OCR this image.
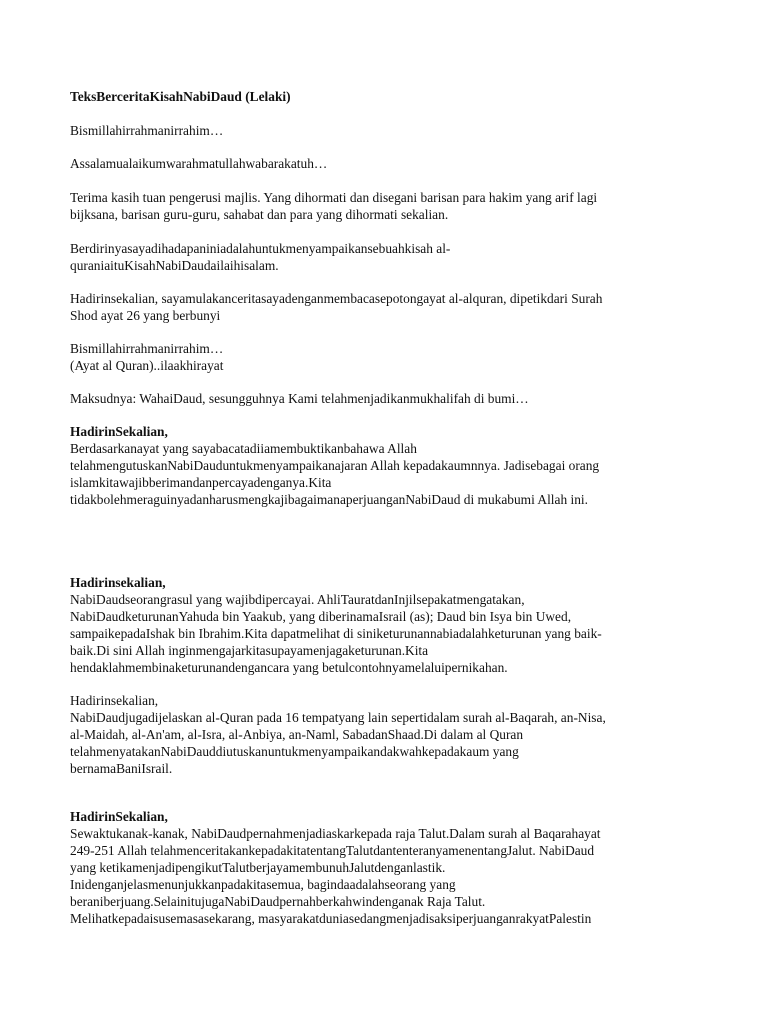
TeksBerceritaKisahNabiDaud (Lelaki)

Bismillahirrahmanirrahim…

Assalamualaikumwarahmatullahwabarakatuh…

Terima kasih tuan pengerusi majlis. Yang dihormati dan disegani barisan para hakim yang arif lagi

bijksana, barisan guru-guru, sahabat dan para yang dihormati sekalian.

Berdirinyasayadihadapaniniadalahuntukmenyampaikansebuahkisah al-

quraniaituKisahNabiDaudailaihisalam.

Hadirinsekalian, sayamulakanceritasayadenganmembacasepotongayat al-alquran, dipetikdari Surah

Shod ayat 26 yang berbunyi

Bismillahirrahmanirrahim…

(Ayat al Quran)..ilaakhirayat

Maksudnya: WahaiDaud, sesungguhnya Kami telahmenjadikanmukhalifah di bumi…

HadirinSekalian,

Berdasarkanayat yang sayabacatadiiamembuktikanbahawa Allah

telahmengutuskanNabiDauduntukmenyampaikanajaran Allah kepadakaumnnya. Jadisebagai orang

islamkitawajibberimandanpercayadenganya.Kita

tidakbolehmeraguinyadanharusmengkajibagaimanaperjuanganNabiDaud di mukabumi Allah ini.

Hadirinsekalian,

NabiDaudseorangrasul yang wajibdipercayai. AhliTauratdanInjilsepakatmengatakan,

NabiDaudketurunanYahuda bin Yaakub, yang diberinamaIsrail (as); Daud bin Isya bin Uwed,

sampaikepadaIshak bin Ibrahim.Kita dapatmelihat di siniketurunannabiadalahketurunan yang baik-

baik.Di sini Allah inginmengajarkitasupayamenjagaketurunan.Kita

hendaklahmembinaketurunandengancara yang betulcontohnyamelaluipernikahan.

Hadirinsekalian,

NabiDaudjugadijelaskan al-Quran pada 16 tempatyang lain sepertidalam surah al-Baqarah, an-Nisa,

al-Maidah, al-An'am, al-Isra, al-Anbiya, an-Naml, SabadanShaad.Di dalam al Quran

telahmenyatakanNabiDauddiutuskanuntukmenyampaikandakwahkepadakaum yang

bernamaBaniIsrail.

HadirinSekalian,

Sewaktukanak-kanak, NabiDaudpernahmenjadiaskarkepada raja Talut.Dalam surah al Baqarahayat

249-251 Allah telahmenceritakankepadakitatentangTalutdantenteranyamenentangJalut. NabiDaud

yang ketikamenjadipengikutTalutberjayamembunuhJalutdenganlastik.

Inidenganjelasmenunjukkanpadakitasemua, bagindaadalahseorang yang

beraniberjuang.SelainitujugaNabiDaudpernahberkahwindenganak Raja Talut.

Melihatkepadaisusemasasekarang, masyarakatduniasedangmenjadisaksiperjuanganrakyatPalestin
